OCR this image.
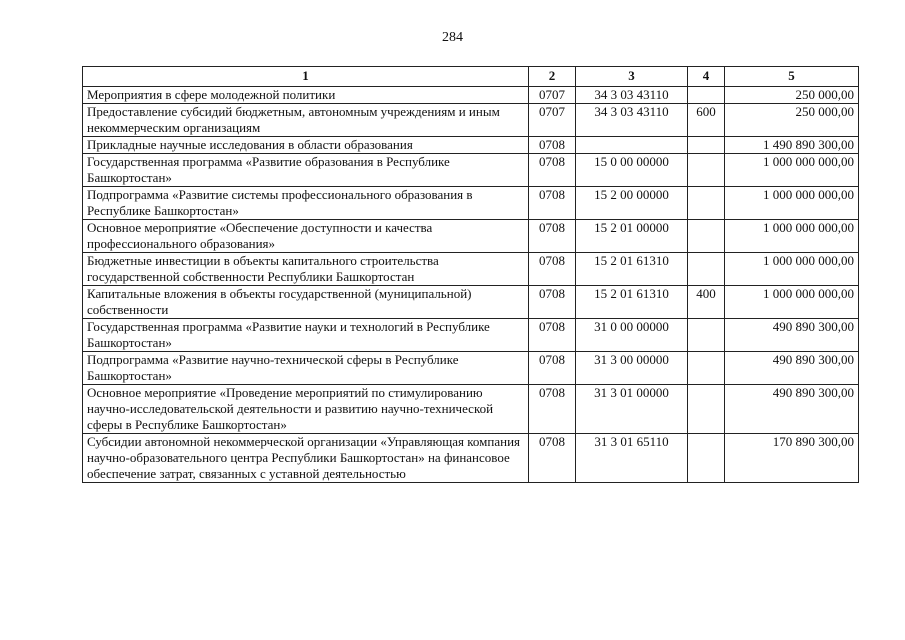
284
1	2	3	4	5
Мероприятия в сфере молодежной политики	0707	34 3 03 43110		250 000,00
Предоставление субсидий бюджетным, автономным учреждениям и иным некоммерческим организациям	0707	34 3 03 43110	600	250 000,00
Прикладные научные исследования в области образования	0708			1 490 890 300,00
Государственная программа «Развитие образования в Республике Башкортостан»	0708	15 0 00 00000		1 000 000 000,00
Подпрограмма «Развитие системы профессионального образования в Республике Башкортостан»	0708	15 2 00 00000		1 000 000 000,00
Основное мероприятие «Обеспечение доступности и качества профессионального образования»	0708	15 2 01 00000		1 000 000 000,00
Бюджетные инвестиции в объекты капитального строительства государственной собственности Республики Башкортостан	0708	15 2 01 61310		1 000 000 000,00
Капитальные вложения в объекты государственной (муниципальной) собственности	0708	15 2 01 61310	400	1 000 000 000,00
Государственная программа «Развитие науки и технологий в Республике Башкортостан»	0708	31 0 00 00000		490 890 300,00
Подпрограмма «Развитие научно-технической сферы в Республике Башкортостан»	0708	31 3 00 00000		490 890 300,00
Основное мероприятие «Проведение мероприятий по стимулированию научно-исследовательской деятельности и развитию научно-технической сферы в Республике Башкортостан»	0708	31 3 01 00000		490 890 300,00
Субсидии автономной некоммерческой организации «Управляющая компания научно-образовательного центра Республики Башкортостан» на финансовое обеспечение затрат, связанных с уставной деятельностью	0708	31 3 01 65110		170 890 300,00
